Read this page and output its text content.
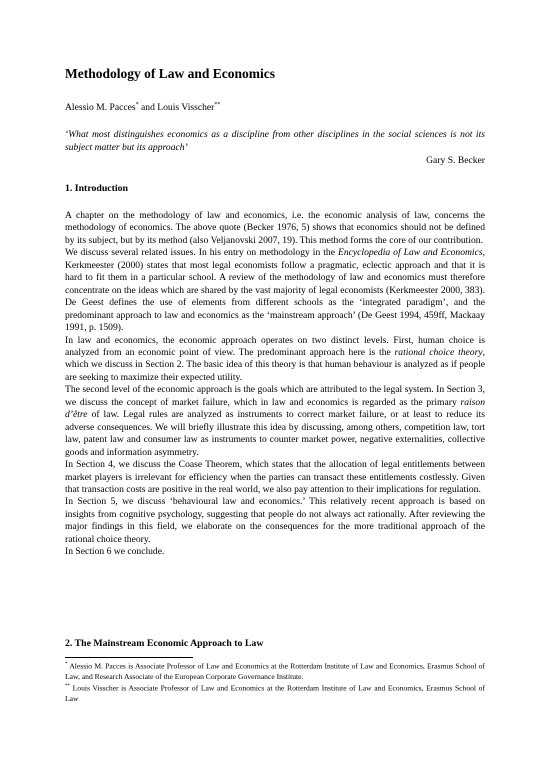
Methodology of Law and Economics
Alessio M. Pacces* and Louis Visscher**
‘What most distinguishes economics as a discipline from other disciplines in the social sciences is not its subject matter but its approach’
Gary S. Becker
1. Introduction

A chapter on the methodology of law and economics, i.e. the economic analysis of law, concerns the methodology of economics. The above quote (Becker 1976, 5) shows that economics should not be defined by its subject, but by its method (also Veljanovski 2007, 19). This method forms the core of our contribution.

We discuss several related issues. In his entry on methodology in the Encyclopedia of Law and Economics, Kerkmeester (2000) states that most legal economists follow a pragmatic, eclectic approach and that it is hard to fit them in a particular school. A review of the methodology of law and economics must therefore concentrate on the ideas which are shared by the vast majority of legal economists (Kerkmeester 2000, 383). De Geest defines the use of elements from different schools as the ‘integrated paradigm’, and the predominant approach to law and economics as the ‘mainstream approach’ (De Geest 1994, 459ff, Mackaay 1991, p. 1509).

In law and economics, the economic approach operates on two distinct levels. First, human choice is analyzed from an economic point of view. The predominant approach here is the rational choice theory, which we discuss in Section 2. The basic idea of this theory is that human behaviour is analyzed as if people are seeking to maximize their expected utility.

The second level of the economic approach is the goals which are attributed to the legal system. In Section 3, we discuss the concept of market failure, which in law and economics is regarded as the primary raison d’être of law. Legal rules are analyzed as instruments to correct market failure, or at least to reduce its adverse consequences. We will briefly illustrate this idea by discussing, among others, competition law, tort law, patent law and consumer law as instruments to counter market power, negative externalities, collective goods and information asymmetry.

In Section 4, we discuss the Coase Theorem, which states that the allocation of legal entitlements between market players is irrelevant for efficiency when the parties can transact these entitlements costlessly. Given that transaction costs are positive in the real world, we also pay attention to their implications for regulation.

In Section 5, we discuss ‘behavioural law and economics.’ This relatively recent approach is based on insights from cognitive psychology, suggesting that people do not always act rationally. After reviewing the major findings in this field, we elaborate on the consequences for the more traditional approach of the rational choice theory.

In Section 6 we conclude.

2. The Mainstream Economic Approach to Law

* Alessio M. Pacces is Associate Professor of Law and Economics at the Rotterdam Institute of Law and Economics, Erasmus School of Law, and Research Associate of the European Corporate Governance Institute.

** Louis Visscher is Associate Professor of Law and Economics at the Rotterdam Institute of Law and Economics, Erasmus School of Law
